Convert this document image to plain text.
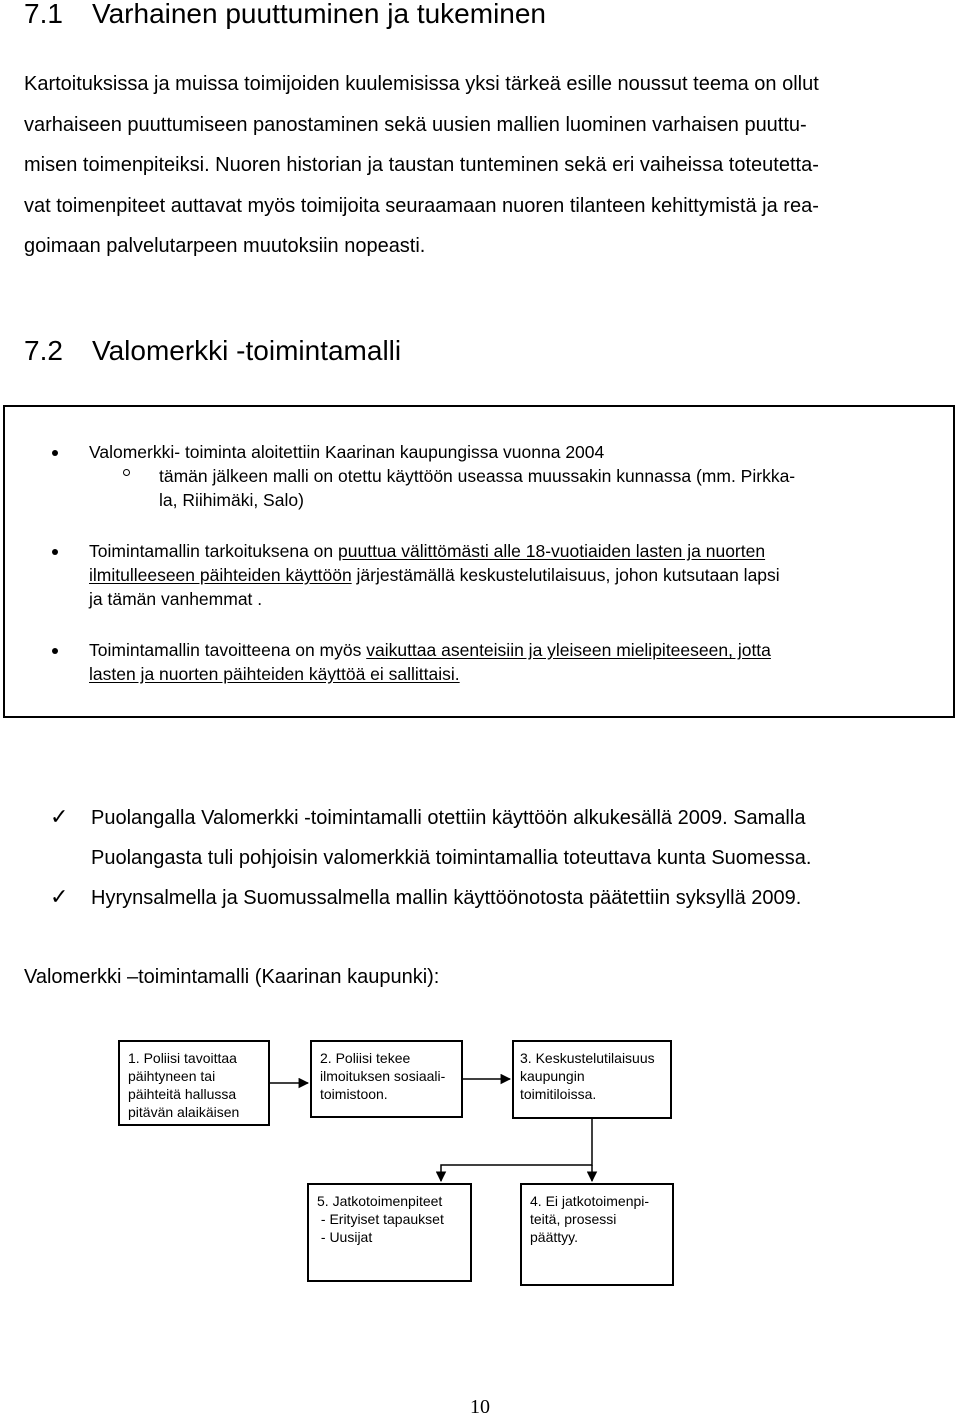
7.1 Varhainen puuttuminen ja tukeminen
Kartoituksissa ja muissa toimijoiden kuulemisissa yksi tärkeä esille noussut teema on ollut
varhaiseen puuttumiseen panostaminen sekä uusien mallien luominen varhaisen puuttu-
misen toimenpiteiksi. Nuoren historian ja taustan tunteminen sekä eri vaiheissa toteutetta-
vat toimenpiteet auttavat myös toimijoita seuraamaan nuoren tilanteen kehittymistä ja rea-
goimaan palvelutarpeen muutoksiin nopeasti.
7.2 Valomerkki -toimintamalli
Valomerkki- toiminta aloitettiin Kaarinan kaupungissa vuonna 2004
tämän jälkeen malli on otettu käyttöön useassa muussakin kunnassa (mm. Pirkka-
la, Riihimäki, Salo)
Toimintamallin tarkoituksena on puuttua välittömästi alle 18-vuotiaiden lasten ja nuorten
ilmitulleeseen päihteiden käyttöön järjestämällä keskustelutilaisuus, johon kutsutaan lapsi
ja tämän vanhemmat .
Toimintamallin tavoitteena on myös vaikuttaa asenteisiin ja yleiseen mielipiteeseen, jotta
lasten ja nuorten päihteiden käyttöä ei sallittaisi.
✓ Puolangalla Valomerkki -toimintamalli otettiin käyttöön alkukesällä 2009. Samalla
Puolangasta tuli pohjoisin valomerkkiä toimintamallia toteuttava kunta Suomessa.
✓ Hyrynsalmella ja Suomussalmella mallin käyttöönotosta päätettiin syksyllä 2009.
Valomerkki –toimintamalli (Kaarinan kaupunki):
1. Poliisi tavoittaa
päihtyneen tai
päihteitä hallussa
pitävän alaikäisen
2. Poliisi tekee
ilmoituksen sosiaali-
toimistoon.
3. Keskustelutilaisuus
kaupungin
toimitiloissa.
5. Jatkotoimenpiteet
- Erityiset tapaukset
- Uusijat
4. Ei jatkotoimenpi-
teitä, prosessi
päättyy.
10
